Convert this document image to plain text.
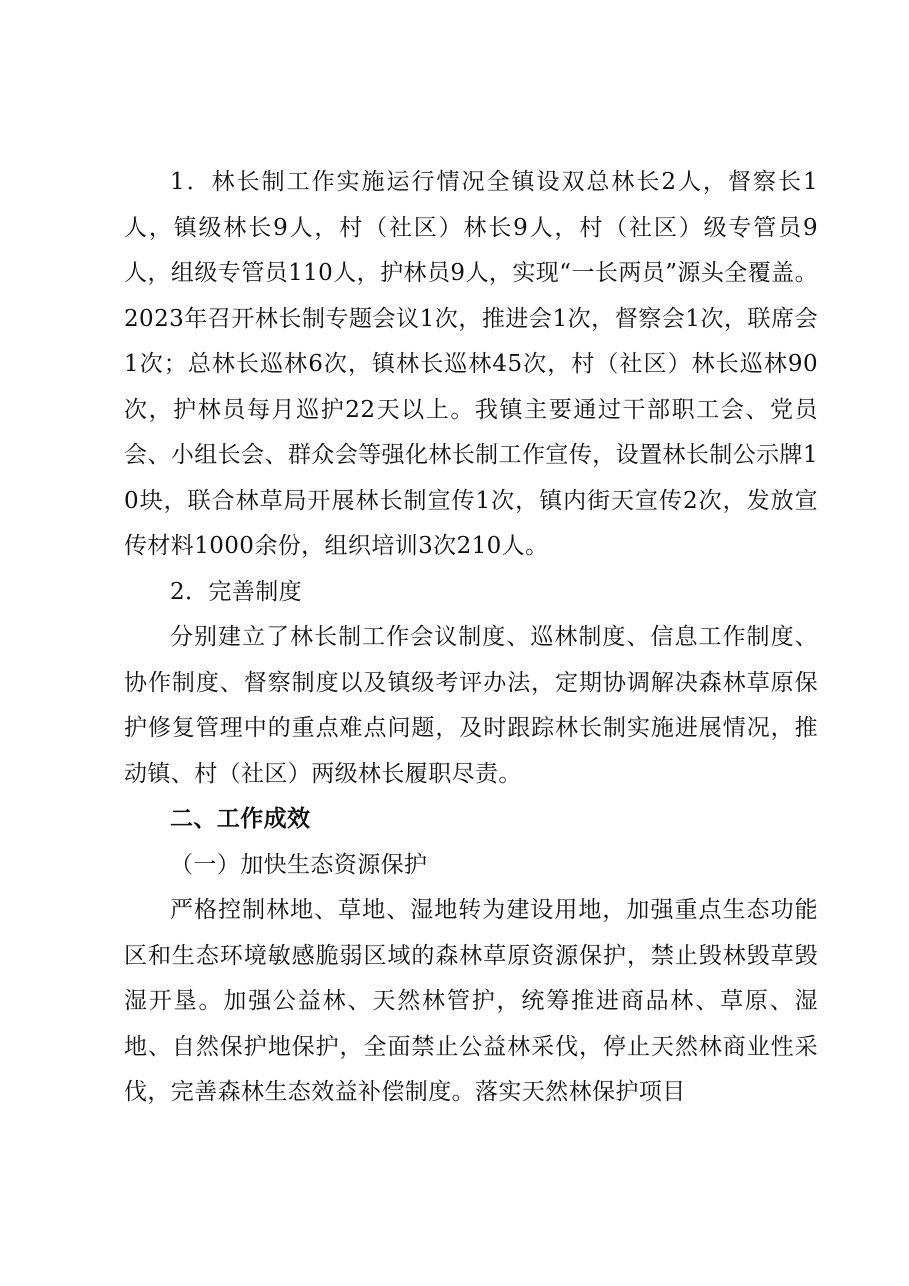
1．林长制工作实施运行情况全镇设双总林长2人，督察长1人，镇级林长9人，村（社区）林长9人，村（社区）级专管员9人，组级专管员110人，护林员9人，实现“一长两员”源头全覆盖。2023年召开林长制专题会议1次，推进会1次，督察会1次，联席会1次；总林长巡林6次，镇林长巡林45次，村（社区）林长巡林90次，护林员每月巡护22天以上。我镇主要通过干部职工会、党员会、小组长会、群众会等强化林长制工作宣传，设置林长制公示牌10块，联合林草局开展林长制宣传1次，镇内街天宣传2次，发放宣传材料1000余份，组织培训3次210人。

2．完善制度

分别建立了林长制工作会议制度、巡林制度、信息工作制度、协作制度、督察制度以及镇级考评办法，定期协调解决森林草原保护修复管理中的重点难点问题，及时跟踪林长制实施进展情况，推动镇、村（社区）两级林长履职尽责。

二、工作成效

（一）加快生态资源保护

严格控制林地、草地、湿地转为建设用地，加强重点生态功能区和生态环境敏感脆弱区域的森林草原资源保护，禁止毁林毁草毁湿开垦。加强公益林、天然林管护，统筹推进商品林、草原、湿地、自然保护地保护，全面禁止公益林采伐，停止天然林商业性采伐，完善森林生态效益补偿制度。落实天然林保护项目
